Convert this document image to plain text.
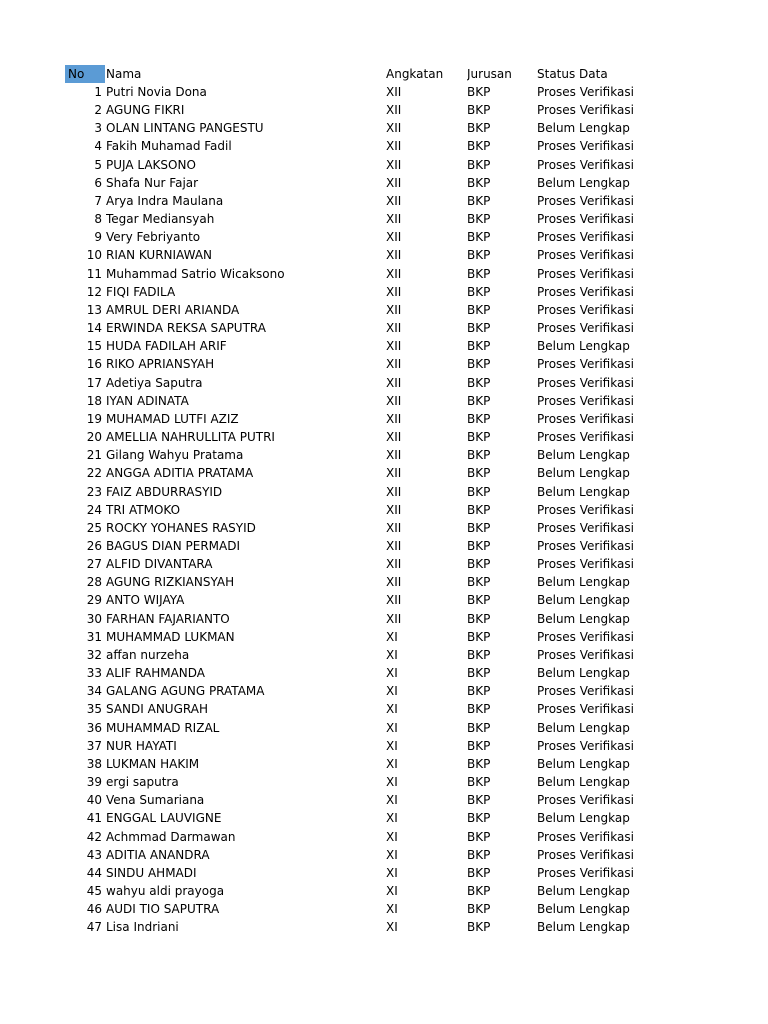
No	Nama	Angkatan	Jurusan	Status Data
1 Putri Novia Dona	XII	BKP	Proses Verifikasi
2 AGUNG FIKRI	XII	BKP	Proses Verifikasi
3 OLAN LINTANG PANGESTU	XII	BKP	Belum Lengkap
4 Fakih Muhamad Fadil	XII	BKP	Proses Verifikasi
5 PUJA LAKSONO	XII	BKP	Proses Verifikasi
6 Shafa Nur Fajar	XII	BKP	Belum Lengkap
7 Arya Indra Maulana	XII	BKP	Proses Verifikasi
8 Tegar Mediansyah	XII	BKP	Proses Verifikasi
9 Very Febriyanto	XII	BKP	Proses Verifikasi
10 RIAN KURNIAWAN	XII	BKP	Proses Verifikasi
11 Muhammad Satrio Wicaksono	XII	BKP	Proses Verifikasi
12 FIQI FADILA	XII	BKP	Proses Verifikasi
13 AMRUL DERI ARIANDA	XII	BKP	Proses Verifikasi
14 ERWINDA REKSA SAPUTRA	XII	BKP	Proses Verifikasi
15 HUDA FADILAH ARIF	XII	BKP	Belum Lengkap
16 RIKO APRIANSYAH	XII	BKP	Proses Verifikasi
17 Adetiya Saputra	XII	BKP	Proses Verifikasi
18 IYAN ADINATA	XII	BKP	Proses Verifikasi
19 MUHAMAD LUTFI AZIZ	XII	BKP	Proses Verifikasi
20 AMELLIA NAHRULLITA PUTRI	XII	BKP	Proses Verifikasi
21 Gilang Wahyu Pratama	XII	BKP	Belum Lengkap
22 ANGGA ADITIA PRATAMA	XII	BKP	Belum Lengkap
23 FAIZ ABDURRASYID	XII	BKP	Belum Lengkap
24 TRI ATMOKO	XII	BKP	Proses Verifikasi
25 ROCKY YOHANES RASYID	XII	BKP	Proses Verifikasi
26 BAGUS DIAN PERMADI	XII	BKP	Proses Verifikasi
27 ALFID DIVANTARA	XII	BKP	Proses Verifikasi
28 AGUNG RIZKIANSYAH	XII	BKP	Belum Lengkap
29 ANTO WIJAYA	XII	BKP	Belum Lengkap
30 FARHAN FAJARIANTO	XII	BKP	Belum Lengkap
31 MUHAMMAD LUKMAN	XI	BKP	Proses Verifikasi
32 affan nurzeha	XI	BKP	Proses Verifikasi
33 ALIF RAHMANDA	XI	BKP	Belum Lengkap
34 GALANG AGUNG PRATAMA	XI	BKP	Proses Verifikasi
35 SANDI ANUGRAH	XI	BKP	Proses Verifikasi
36 MUHAMMAD RIZAL	XI	BKP	Belum Lengkap
37 NUR HAYATI	XI	BKP	Proses Verifikasi
38 LUKMAN HAKIM	XI	BKP	Belum Lengkap
39 ergi saputra	XI	BKP	Belum Lengkap
40 Vena Sumariana	XI	BKP	Proses Verifikasi
41 ENGGAL LAUVIGNE	XI	BKP	Belum Lengkap
42 Achmmad Darmawan	XI	BKP	Proses Verifikasi
43 ADITIA ANANDRA	XI	BKP	Proses Verifikasi
44 SINDU AHMADI	XI	BKP	Proses Verifikasi
45 wahyu aldi prayoga	XI	BKP	Belum Lengkap
46 AUDI TIO SAPUTRA	XI	BKP	Belum Lengkap
47 Lisa Indriani	XI	BKP	Belum Lengkap
